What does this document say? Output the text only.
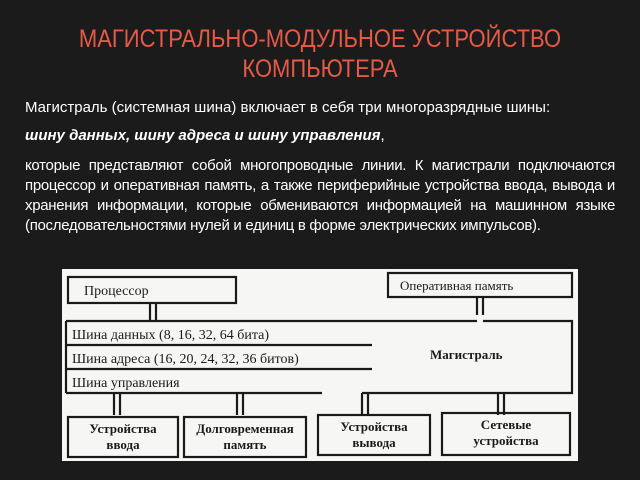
МАГИСТРАЛЬНО-МОДУЛЬНОЕ УСТРОЙСТВО КОМПЬЮТЕРА
Магистраль (системная шина) включает в себя три многоразрядные шины:
шину данных, шину адреса и шину управления,
которые представляют собой многопроводные линии. К магистрали подключаются процессор и оперативная память, а также периферийные устройства ввода, вывода и хранения информации, которые обмениваются информацией на машинном языке (последовательностями нулей и единиц в форме электрических импульсов).
Процессор	Оперативная память
Шина данных (8, 16, 32, 64 бита)
Шина адреса (16, 20, 24, 32, 36 битов)
Шина управления
Магистраль
Устройства
ввода
Долговременная
память
Устройства
вывода
Сетевые
устройства
